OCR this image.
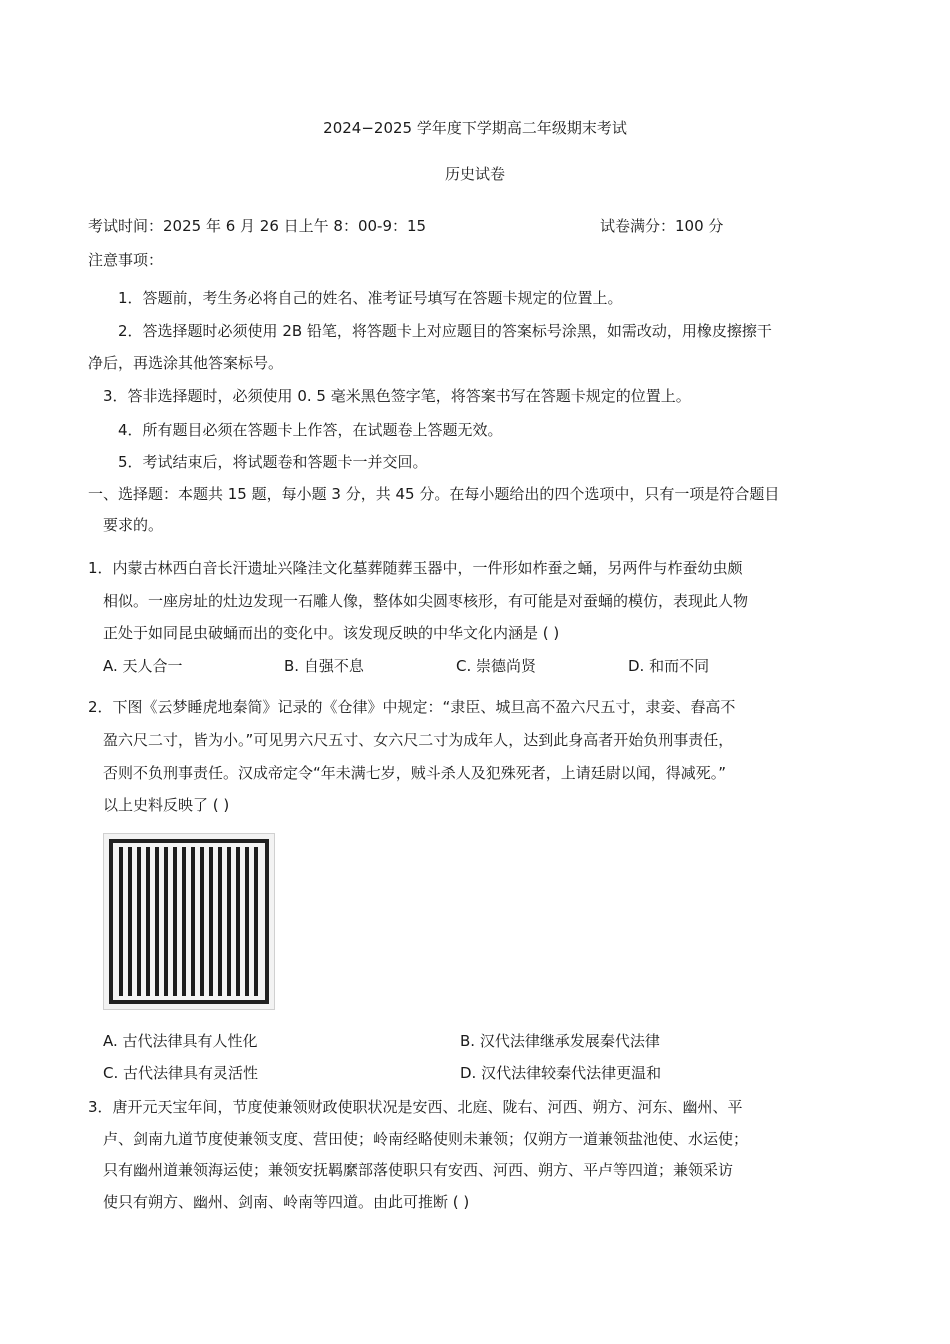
2024−2025 学年度下学期高二年级期末考试
历史试卷
考试时间：2025 年 6 月 26 日上午 8：00-9：15	试卷满分：100 分
注意事项：
1．答题前，考生务必将自己的姓名、准考证号填写在答题卡规定的位置上。
2．答选择题时必须使用 2B 铅笔，将答题卡上对应题目的答案标号涂黑，如需改动，用橡皮擦擦干
净后，再选涂其他答案标号。
3．答非选择题时，必须使用 0. 5 毫米黑色签字笔，将答案书写在答题卡规定的位置上。
4．所有题目必须在答题卡上作答，在试题卷上答题无效。
5．考试结束后，将试题卷和答题卡一并交回。
一、选择题：本题共 15 题，每小题 3 分，共 45 分。在每小题给出的四个选项中，只有一项是符合题目
要求的。
1．内蒙古林西白音长汗遗址兴隆洼文化墓葬随葬玉器中，一件形如柞蚕之蛹，另两件与柞蚕幼虫颇
相似。一座房址的灶边发现一石雕人像，整体如尖圆枣核形，有可能是对蚕蛹的模仿，表现此人物
正处于如同昆虫破蛹而出的变化中。该发现反映的中华文化内涵是 ( )
A. 天人合一	B. 自强不息	C. 崇德尚贤	D. 和而不同
2．下图《云梦睡虎地秦简》记录的《仓律》中规定：“隶臣、城旦高不盈六尺五寸，隶妾、舂高不
盈六尺二寸，皆为小。”可见男六尺五寸、女六尺二寸为成年人，达到此身高者开始负刑事责任，
否则不负刑事责任。汉成帝定令“年未满七岁，贼斗杀人及犯殊死者，上请廷尉以闻，得减死。”
以上史料反映了 ( )
A. 古代法律具有人性化	B. 汉代法律继承发展秦代法律
C. 古代法律具有灵活性	D. 汉代法律较秦代法律更温和
3．唐开元天宝年间，节度使兼领财政使职状况是安西、北庭、陇右、河西、朔方、河东、幽州、平
卢、剑南九道节度使兼领支度、营田使；岭南经略使则未兼领；仅朔方一道兼领盐池使、水运使；
只有幽州道兼领海运使；兼领安抚羁縻部落使职只有安西、河西、朔方、平卢等四道；兼领采访
使只有朔方、幽州、剑南、岭南等四道。由此可推断 ( )
